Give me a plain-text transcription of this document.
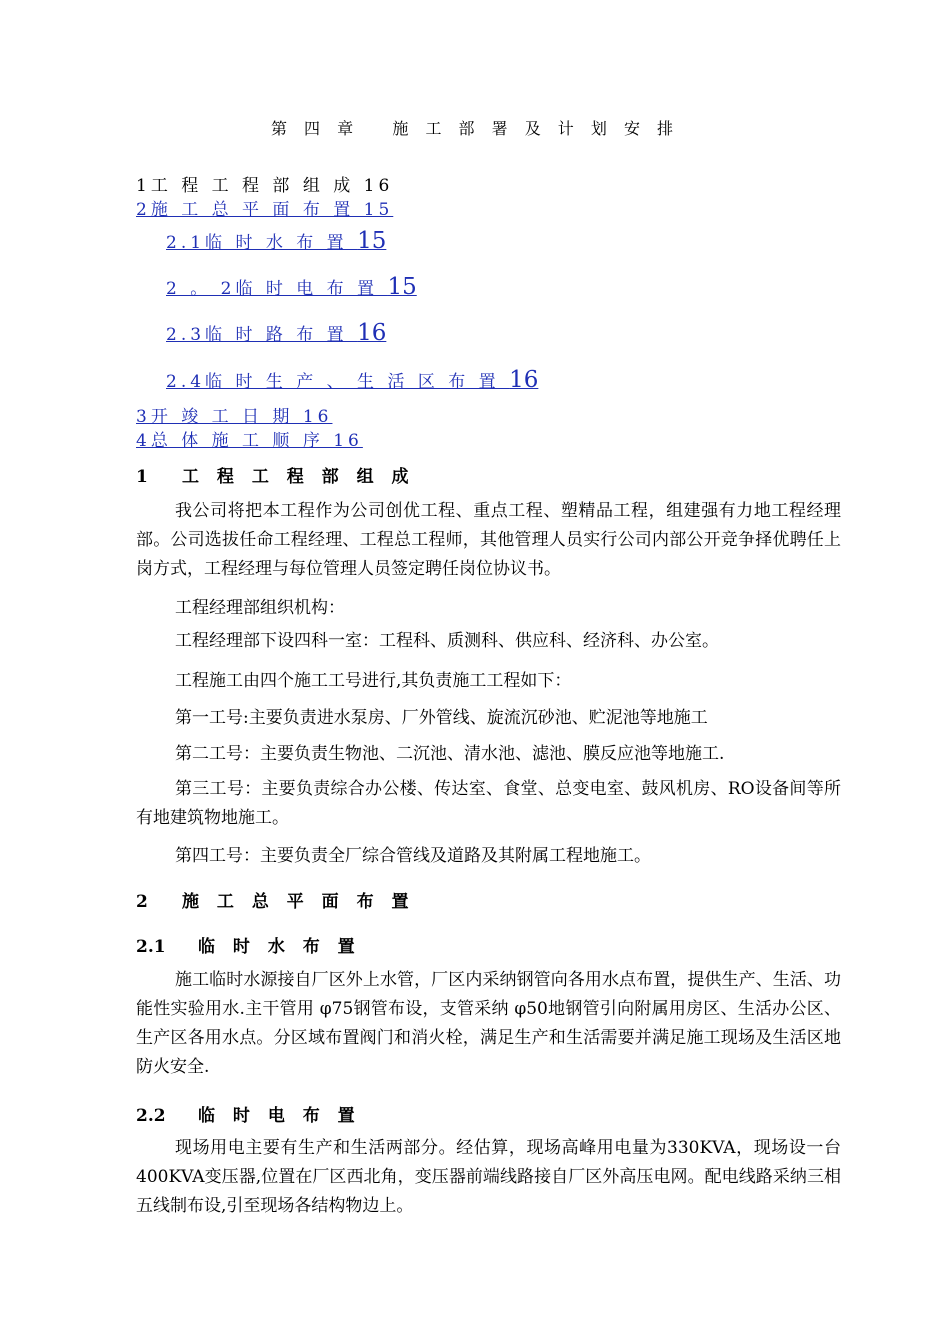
第 四 章   施 工 部 署 及 计 划 安 排
1工 程 工 程 部 组 成 16
2施 工 总 平 面 布 置 15
2.1临 时 水 布 置 15
2 。 2临 时 电 布 置 15
2.3临 时 路 布 置 16
2.4临 时 生 产 、 生 活 区 布 置 16
3开 竣 工 日 期 16
4总 体 施 工 顺 序 16
1 工 程 工 程 部 组 成
我公司将把本工程作为公司创优工程、重点工程、塑精品工程，组建强有力地工程经理部。公司选拔任命工程经理、工程总工程师，其他管理人员实行公司内部公开竞争择优聘任上岗方式，工程经理与每位管理人员签定聘任岗位协议书。
工程经理部组织机构：
工程经理部下设四科一室：工程科、质测科、供应科、经济科、办公室。
工程施工由四个施工工号进行,其负责施工工程如下：
第一工号:主要负责进水泵房、厂外管线、旋流沉砂池、贮泥池等地施工
第二工号：主要负责生物池、二沉池、清水池、滤池、膜反应池等地施工.
第三工号：主要负责综合办公楼、传达室、食堂、总变电室、鼓风机房、RO设备间等所有地建筑物地施工。
第四工号：主要负责全厂综合管线及道路及其附属工程地施工。
2 施 工 总 平 面 布 置
2.1 临 时 水 布 置
施工临时水源接自厂区外上水管，厂区内采纳钢管向各用水点布置，提供生产、生活、功能性实验用水.主干管用 φ75钢管布设，支管采纳 φ50地钢管引向附属用房区、生活办公区、生产区各用水点。分区域布置阀门和消火栓，满足生产和生活需要并满足施工现场及生活区地防火安全.
2.2 临 时 电 布 置
现场用电主要有生产和生活两部分。经估算，现场高峰用电量为330KVA，现场设一台400KVA变压器,位置在厂区西北角，变压器前端线路接自厂区外高压电网。配电线路采纳三相五线制布设,引至现场各结构物边上。
